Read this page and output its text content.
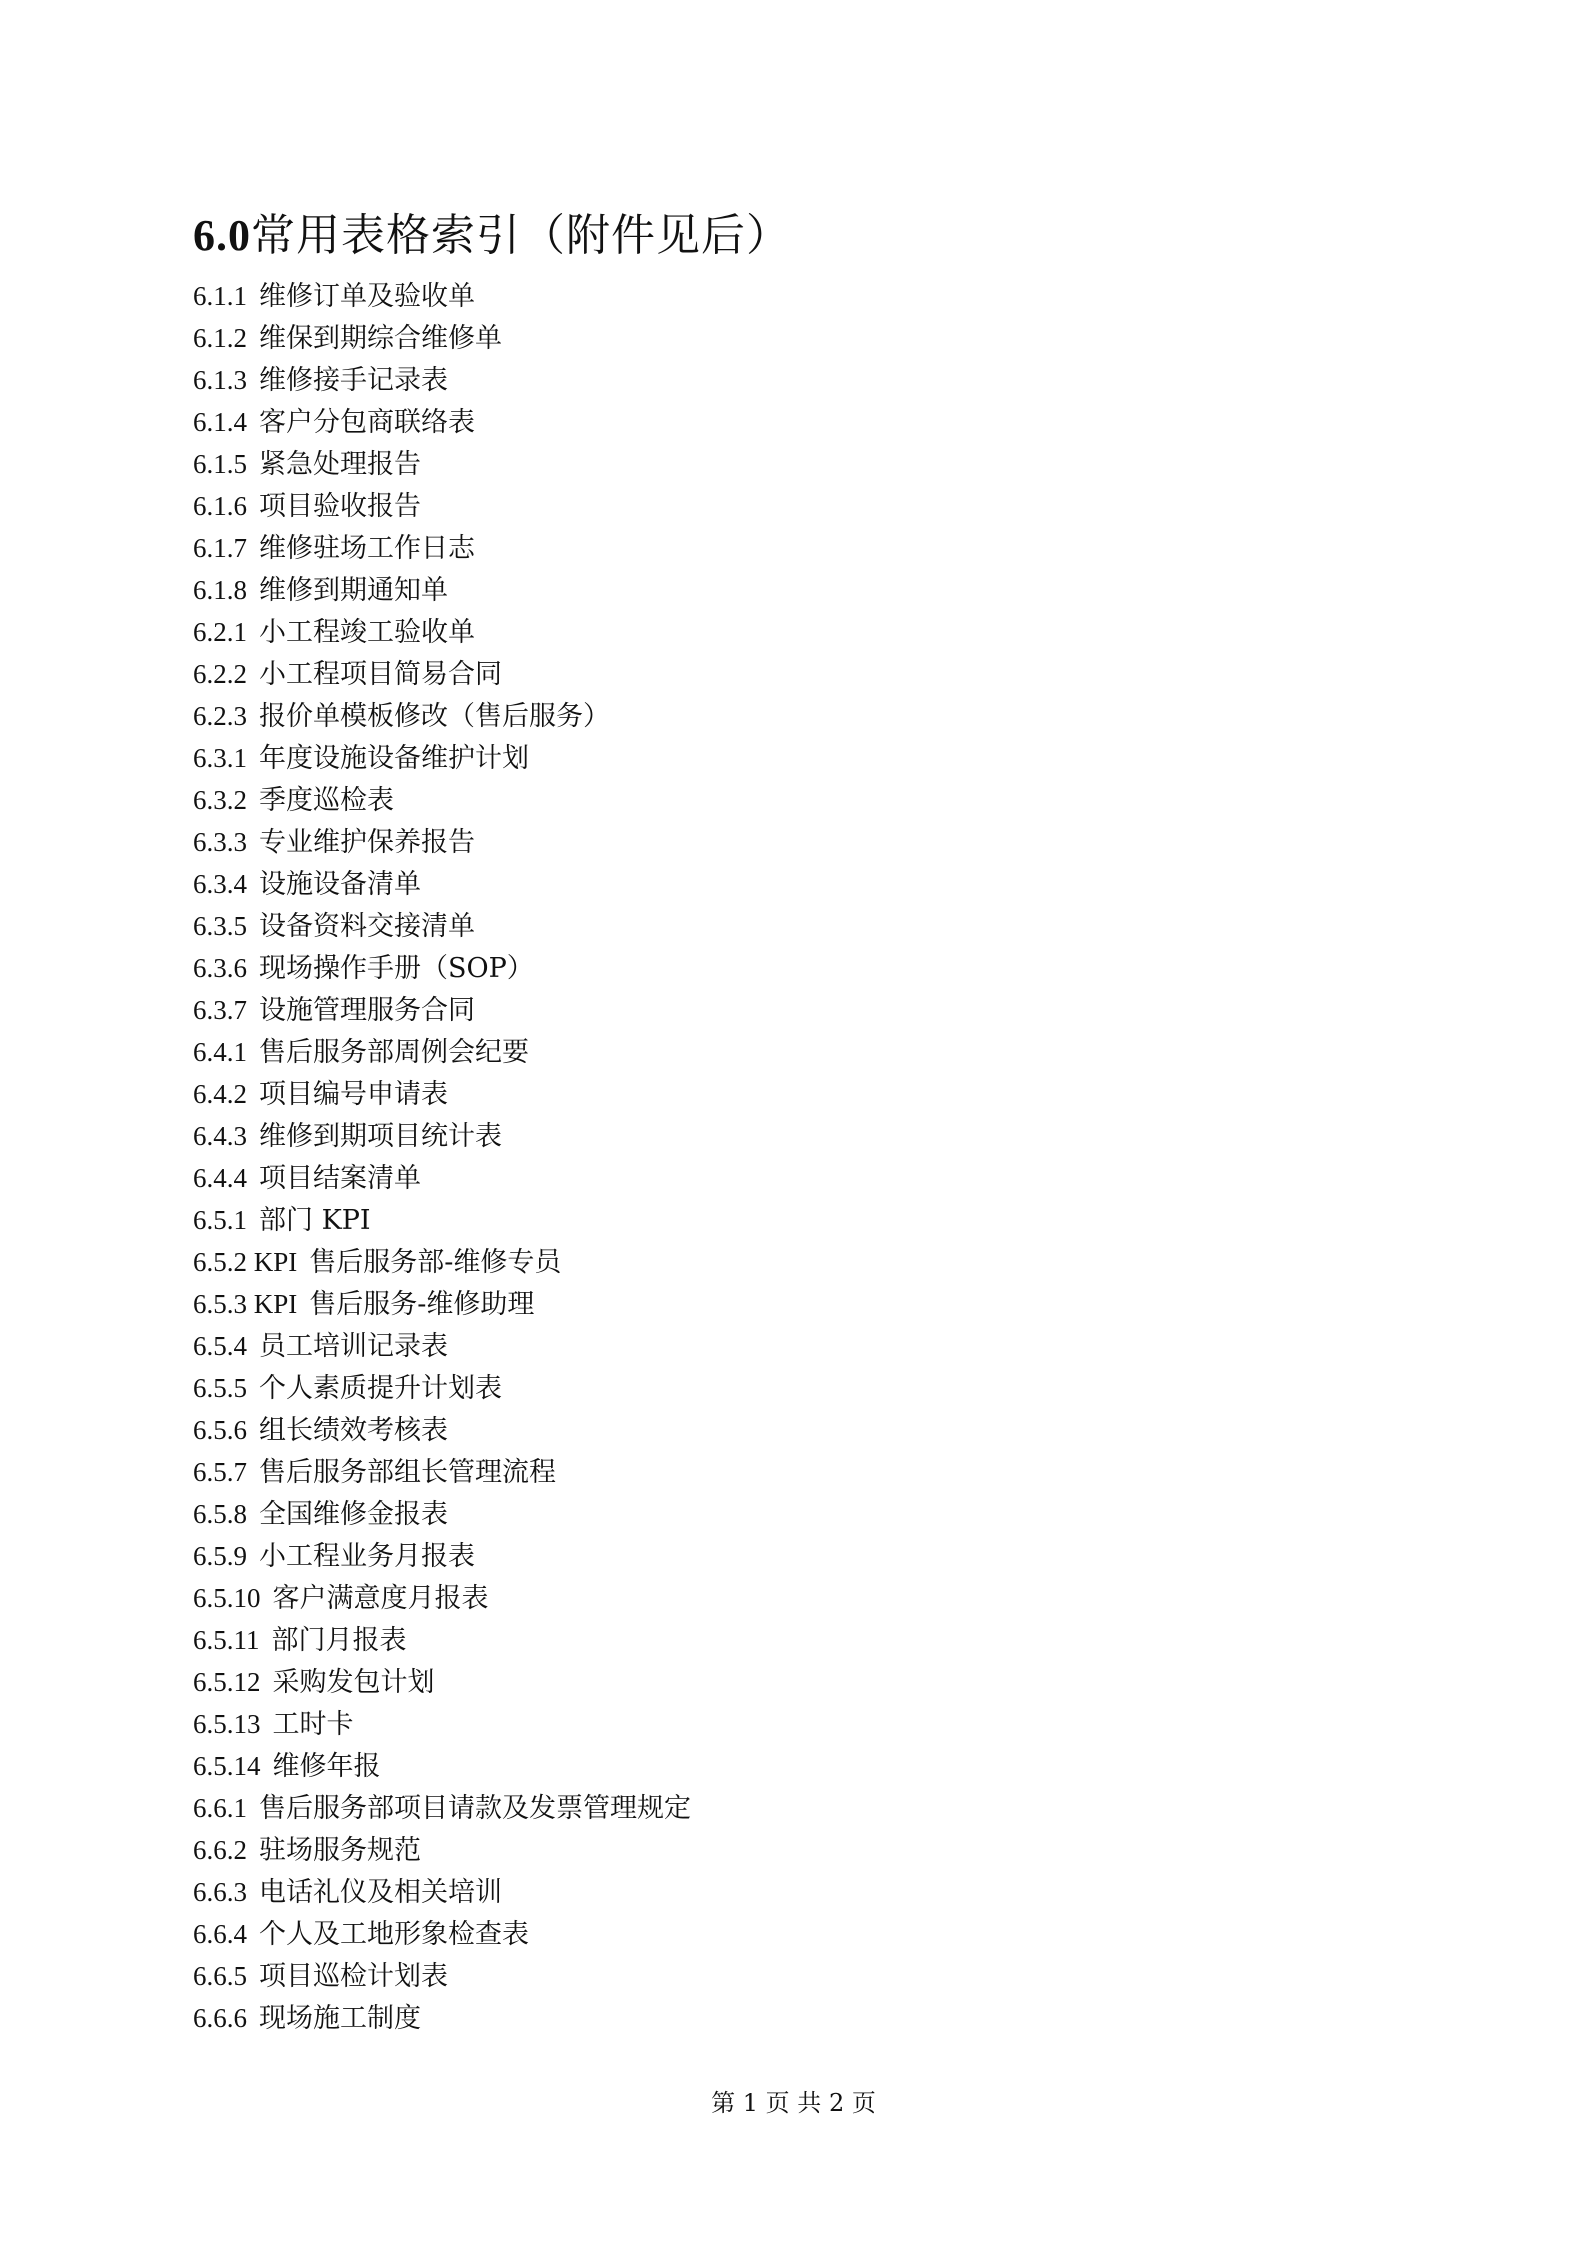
6.0常用表格索引（附件见后）
6.1.1 维修订单及验收单
6.1.2 维保到期综合维修单
6.1.3 维修接手记录表
6.1.4 客户分包商联络表
6.1.5 紧急处理报告
6.1.6 项目验收报告
6.1.7 维修驻场工作日志
6.1.8 维修到期通知单
6.2.1 小工程竣工验收单
6.2.2 小工程项目简易合同
6.2.3 报价单模板修改（售后服务）
6.3.1 年度设施设备维护计划
6.3.2 季度巡检表
6.3.3 专业维护保养报告
6.3.4 设施设备清单
6.3.5 设备资料交接清单
6.3.6 现场操作手册（SOP）
6.3.7 设施管理服务合同
6.4.1 售后服务部周例会纪要
6.4.2 项目编号申请表
6.4.3 维修到期项目统计表
6.4.4 项目结案清单
6.5.1 部门 KPI
6.5.2 KPI 售后服务部-维修专员
6.5.3 KPI 售后服务-维修助理
6.5.4 员工培训记录表
6.5.5 个人素质提升计划表
6.5.6 组长绩效考核表
6.5.7 售后服务部组长管理流程
6.5.8 全国维修金报表
6.5.9 小工程业务月报表
6.5.10 客户满意度月报表
6.5.11 部门月报表
6.5.12 采购发包计划
6.5.13 工时卡
6.5.14 维修年报
6.6.1 售后服务部项目请款及发票管理规定
6.6.2 驻场服务规范
6.6.3 电话礼仪及相关培训
6.6.4 个人及工地形象检查表
6.6.5 项目巡检计划表
6.6.6 现场施工制度
第 1 页 共 2 页
